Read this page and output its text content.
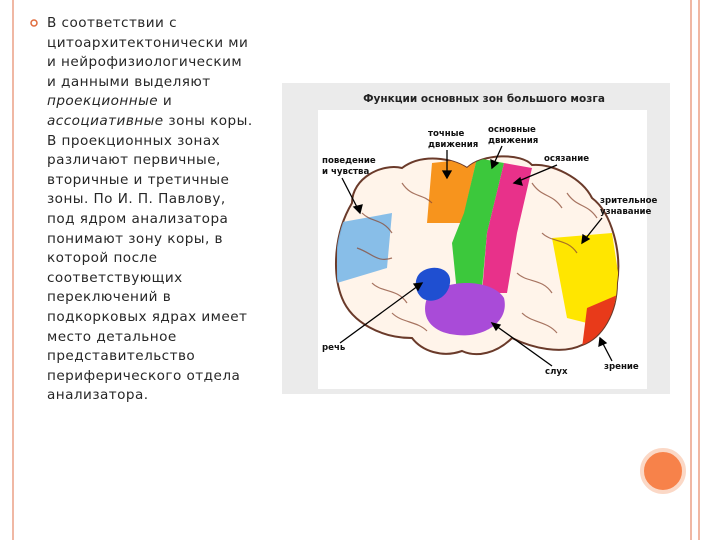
В соответствии с цитоархитектонически ми и нейрофизиологическим и данными выделяют проекционные и ассоциативные зоны коры. В проекционных зонах различают первичные, вторичные и третичные зоны. По И. П. Павлову, под ядром анализатора понимают зону коры, в которой после соответствующих переключений в подкорковых ядрах имеет место детальное представительство периферического отдела анализатора.

Функции основных зон большого мозга
поведение
и чувства
точные
движения
основные
движения
осязание
зрительное
узнавание
речь
слух	зрение
